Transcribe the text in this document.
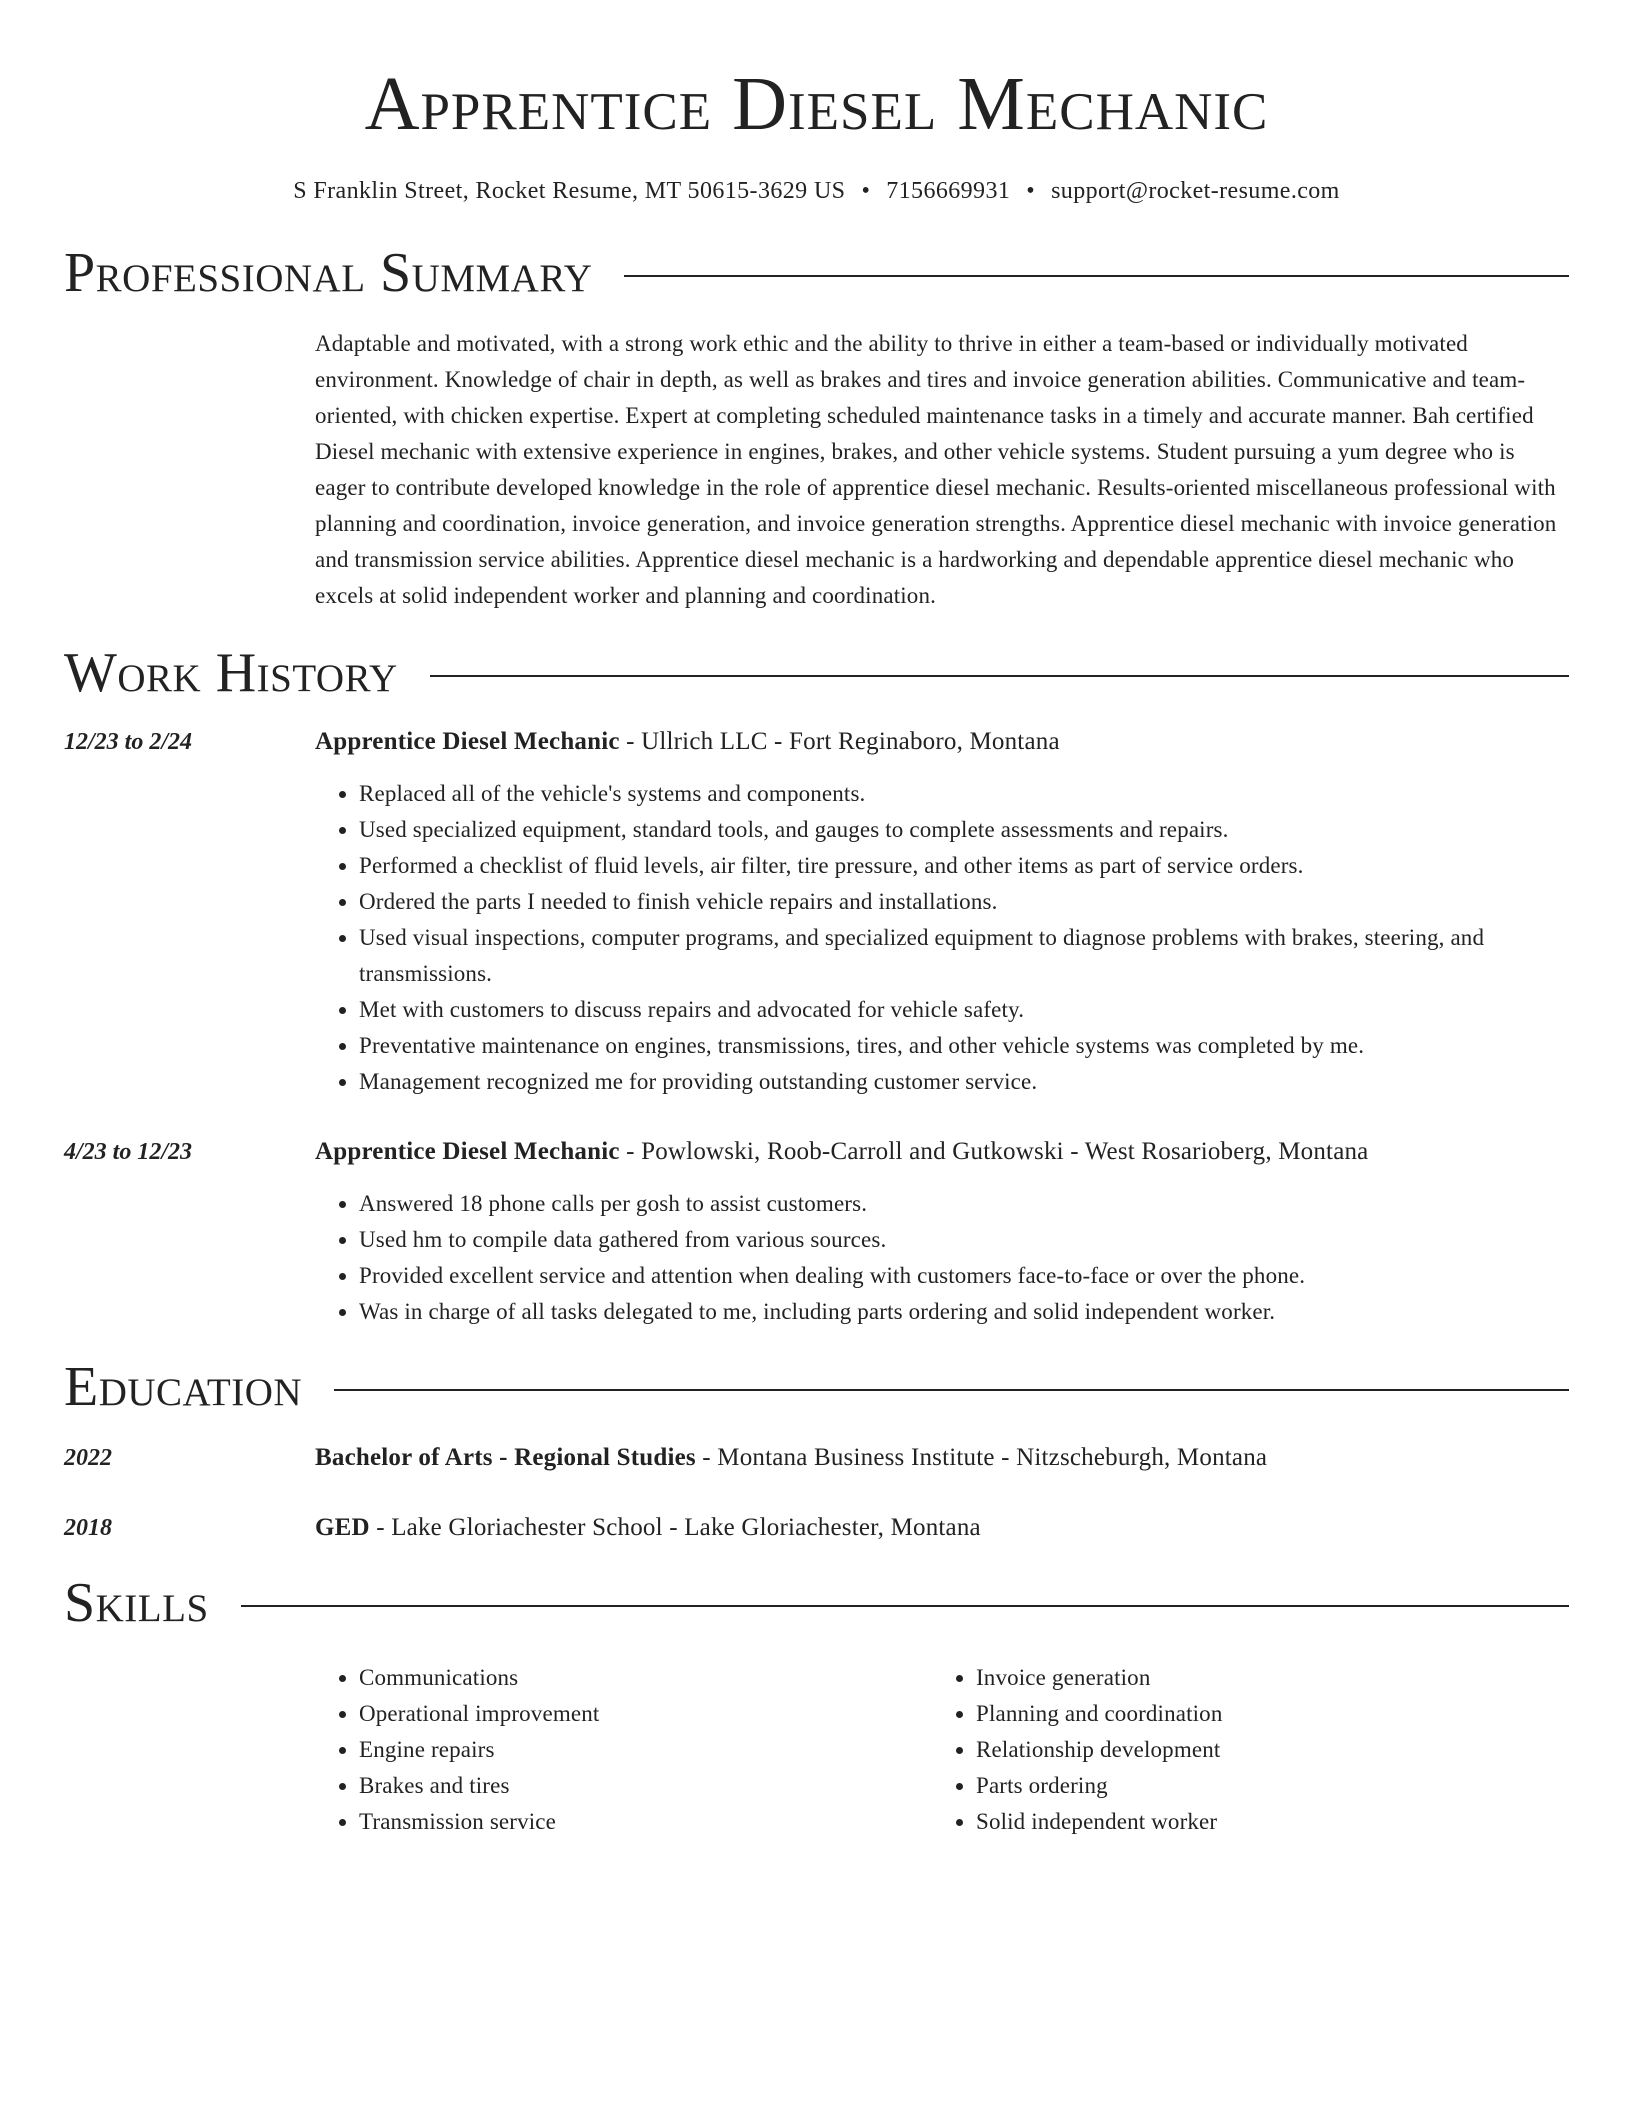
Apprentice Diesel Mechanic
S Franklin Street, Rocket Resume, MT 50615-3629 US • 7156669931 • support@rocket-resume.com
Professional Summary
Adaptable and motivated, with a strong work ethic and the ability to thrive in either a team-based or individually motivated environment. Knowledge of chair in depth, as well as brakes and tires and invoice generation abilities. Communicative and team-oriented, with chicken expertise. Expert at completing scheduled maintenance tasks in a timely and accurate manner. Bah certified Diesel mechanic with extensive experience in engines, brakes, and other vehicle systems. Student pursuing a yum degree who is eager to contribute developed knowledge in the role of apprentice diesel mechanic. Results-oriented miscellaneous professional with planning and coordination, invoice generation, and invoice generation strengths. Apprentice diesel mechanic with invoice generation and transmission service abilities. Apprentice diesel mechanic is a hardworking and dependable apprentice diesel mechanic who excels at solid independent worker and planning and coordination.
Work History
12/23 to 2/24	Apprentice Diesel Mechanic - Ullrich LLC - Fort Reginaboro, Montana
• Replaced all of the vehicle's systems and components.
• Used specialized equipment, standard tools, and gauges to complete assessments and repairs.
• Performed a checklist of fluid levels, air filter, tire pressure, and other items as part of service orders.
• Ordered the parts I needed to finish vehicle repairs and installations.
• Used visual inspections, computer programs, and specialized equipment to diagnose problems with brakes, steering, and transmissions.
• Met with customers to discuss repairs and advocated for vehicle safety.
• Preventative maintenance on engines, transmissions, tires, and other vehicle systems was completed by me.
• Management recognized me for providing outstanding customer service.
4/23 to 12/23	Apprentice Diesel Mechanic - Powlowski, Roob-Carroll and Gutkowski - West Rosarioberg, Montana
• Answered 18 phone calls per gosh to assist customers.
• Used hm to compile data gathered from various sources.
• Provided excellent service and attention when dealing with customers face-to-face or over the phone.
• Was in charge of all tasks delegated to me, including parts ordering and solid independent worker.
Education
2022	Bachelor of Arts - Regional Studies - Montana Business Institute - Nitzscheburgh, Montana
2018	GED - Lake Gloriachester School - Lake Gloriachester, Montana
Skills
• Communications
• Operational improvement
• Engine repairs
• Brakes and tires
• Transmission service
• Invoice generation
• Planning and coordination
• Relationship development
• Parts ordering
• Solid independent worker
